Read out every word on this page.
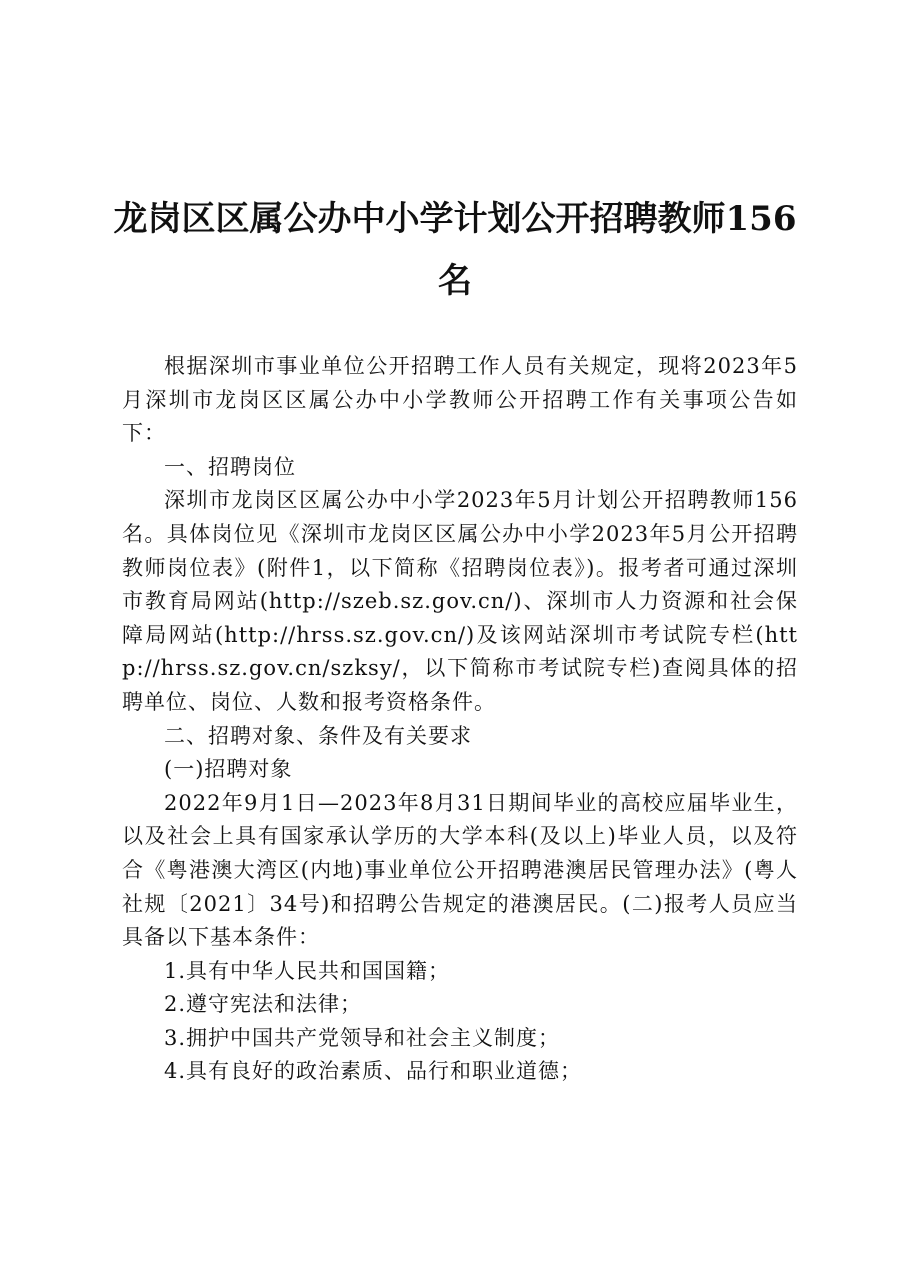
龙岗区区属公办中小学计划公开招聘教师156名

根据深圳市事业单位公开招聘工作人员有关规定，现将2023年5月深圳市龙岗区区属公办中小学教师公开招聘工作有关事项公告如下：

一、招聘岗位

深圳市龙岗区区属公办中小学2023年5月计划公开招聘教师156名。具体岗位见《深圳市龙岗区区属公办中小学2023年5月公开招聘教师岗位表》(附件1，以下简称《招聘岗位表》)。报考者可通过深圳市教育局网站(http://szeb.sz.gov.cn/)、深圳市人力资源和社会保障局网站(http://hrss.sz.gov.cn/)及该网站深圳市考试院专栏(http://hrss.sz.gov.cn/szksy/，以下简称市考试院专栏)查阅具体的招聘单位、岗位、人数和报考资格条件。

二、招聘对象、条件及有关要求

(一)招聘对象

2022年9月1日—2023年8月31日期间毕业的高校应届毕业生，以及社会上具有国家承认学历的大学本科(及以上)毕业人员，以及符合《粤港澳大湾区(内地)事业单位公开招聘港澳居民管理办法》(粤人社规〔2021〕34号)和招聘公告规定的港澳居民。(二)报考人员应当具备以下基本条件：

1.具有中华人民共和国国籍；

2.遵守宪法和法律；

3.拥护中国共产党领导和社会主义制度；

4.具有良好的政治素质、品行和职业道德；
